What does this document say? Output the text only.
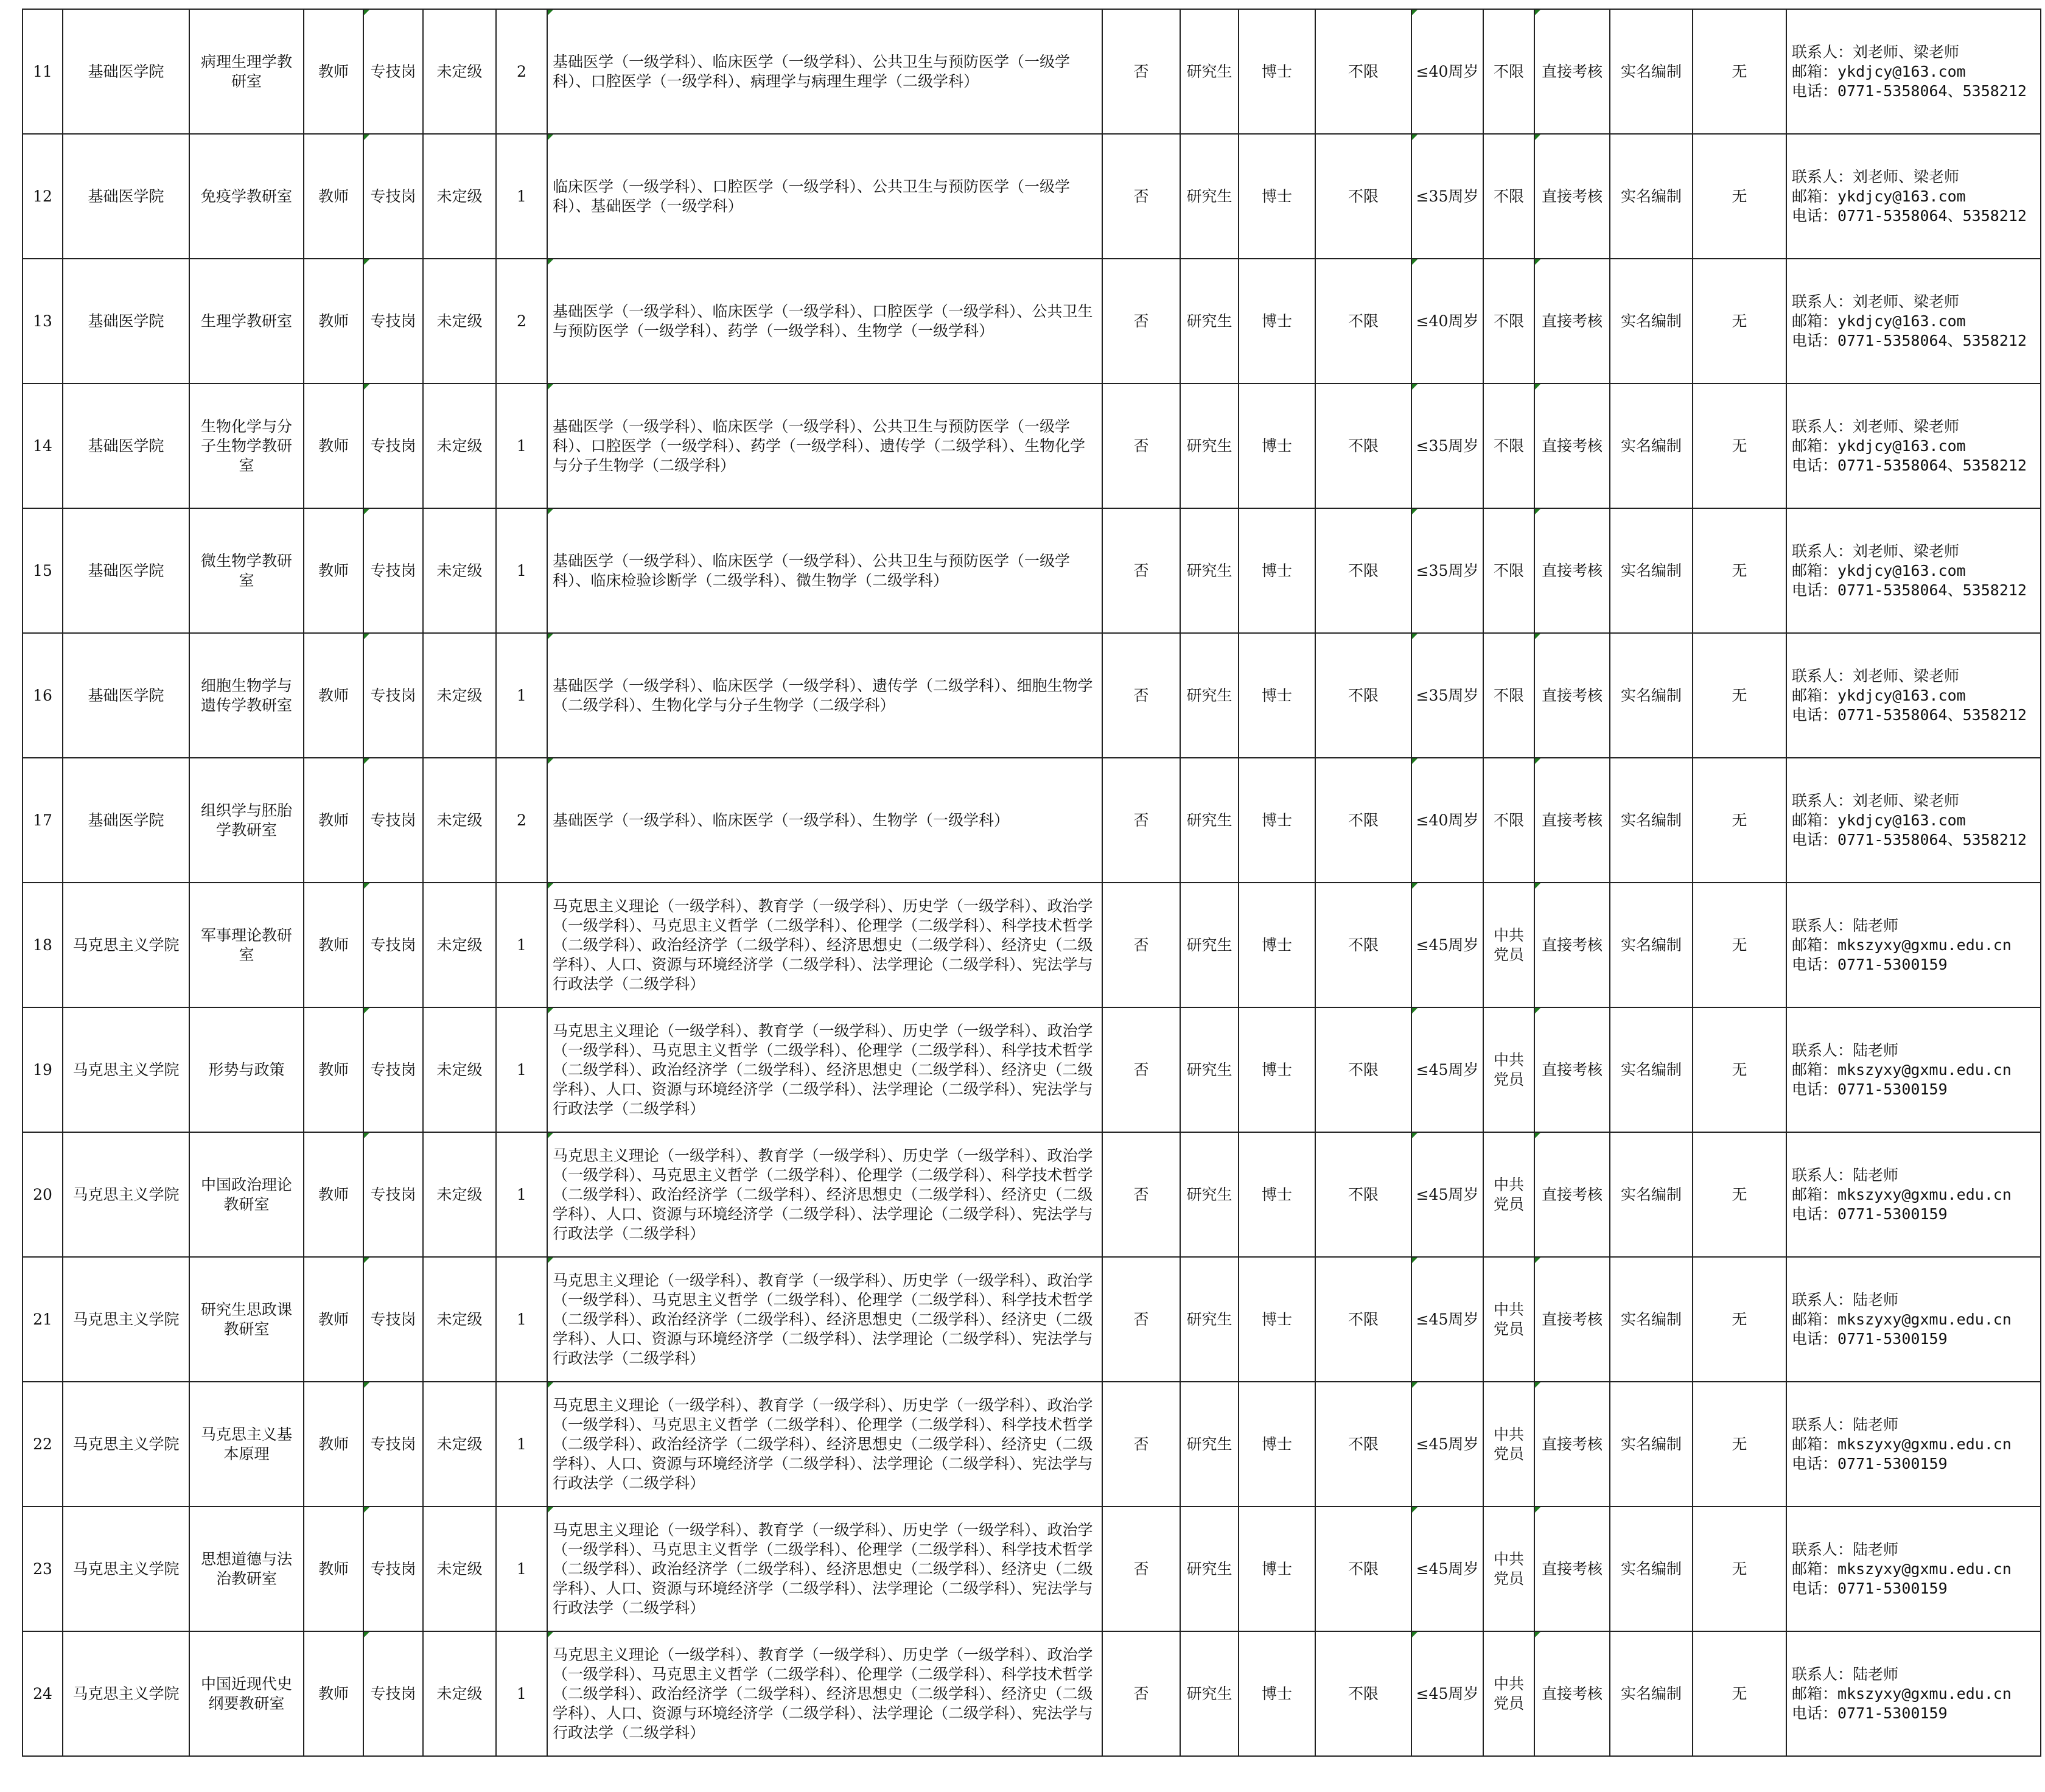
11	基础医学院	病理生理学教研室	教师	专技岗	未定级	2	基础医学（一级学科）、临床医学（一级学科）、公共卫生与预防医学（一级学科）、口腔医学（一级学科）、病理学与病理生理学（二级学科）	否	研究生	博士	不限	≤40周岁	不限	直接考核	实名编制	无	联系人：刘老师、梁老师
邮箱：ykdjcy@163.com
电话：0771-5358064、5358212

12	基础医学院	免疫学教研室	教师	专技岗	未定级	1	临床医学（一级学科）、口腔医学（一级学科）、公共卫生与预防医学（一级学科）、基础医学（一级学科）	否	研究生	博士	不限	≤35周岁	不限	直接考核	实名编制	无	联系人：刘老师、梁老师
邮箱：ykdjcy@163.com
电话：0771-5358064、5358212

13	基础医学院	生理学教研室	教师	专技岗	未定级	2	基础医学（一级学科）、临床医学（一级学科）、口腔医学（一级学科）、公共卫生与预防医学（一级学科）、药学（一级学科）、生物学（一级学科）	否	研究生	博士	不限	≤40周岁	不限	直接考核	实名编制	无	联系人：刘老师、梁老师
邮箱：ykdjcy@163.com
电话：0771-5358064、5358212

14	基础医学院	生物化学与分子生物学教研室	教师	专技岗	未定级	1	基础医学（一级学科）、临床医学（一级学科）、公共卫生与预防医学（一级学科）、口腔医学（一级学科）、药学（一级学科）、遗传学（二级学科）、生物化学与分子生物学（二级学科）	否	研究生	博士	不限	≤35周岁	不限	直接考核	实名编制	无	联系人：刘老师、梁老师
邮箱：ykdjcy@163.com
电话：0771-5358064、5358212

15	基础医学院	微生物学教研室	教师	专技岗	未定级	1	基础医学（一级学科）、临床医学（一级学科）、公共卫生与预防医学（一级学科）、临床检验诊断学（二级学科）、微生物学（二级学科）	否	研究生	博士	不限	≤35周岁	不限	直接考核	实名编制	无	联系人：刘老师、梁老师
邮箱：ykdjcy@163.com
电话：0771-5358064、5358212

16	基础医学院	细胞生物学与遗传学教研室	教师	专技岗	未定级	1	基础医学（一级学科）、临床医学（一级学科）、遗传学（二级学科）、细胞生物学（二级学科）、生物化学与分子生物学（二级学科）	否	研究生	博士	不限	≤35周岁	不限	直接考核	实名编制	无	联系人：刘老师、梁老师
邮箱：ykdjcy@163.com
电话：0771-5358064、5358212

17	基础医学院	组织学与胚胎学教研室	教师	专技岗	未定级	2	基础医学（一级学科）、临床医学（一级学科）、生物学（一级学科）	否	研究生	博士	不限	≤40周岁	不限	直接考核	实名编制	无	联系人：刘老师、梁老师
邮箱：ykdjcy@163.com
电话：0771-5358064、5358212

18	马克思主义学院	军事理论教研室	教师	专技岗	未定级	1	马克思主义理论（一级学科）、教育学（一级学科）、历史学（一级学科）、政治学（一级学科）、马克思主义哲学（二级学科）、伦理学（二级学科）、科学技术哲学（二级学科）、政治经济学（二级学科）、经济思想史（二级学科）、经济史（二级学科）、人口、资源与环境经济学（二级学科）、法学理论（二级学科）、宪法学与行政法学（二级学科）	否	研究生	博士	不限	≤45周岁	中共
党员	直接考核	实名编制	无	联系人：陆老师
邮箱：mkszyxy@gxmu.edu.cn
电话：0771-5300159

19	马克思主义学院	形势与政策	教师	专技岗	未定级	1	马克思主义理论（一级学科）、教育学（一级学科）、历史学（一级学科）、政治学（一级学科）、马克思主义哲学（二级学科）、伦理学（二级学科）、科学技术哲学（二级学科）、政治经济学（二级学科）、经济思想史（二级学科）、经济史（二级学科）、人口、资源与环境经济学（二级学科）、法学理论（二级学科）、宪法学与行政法学（二级学科）	否	研究生	博士	不限	≤45周岁	中共
党员	直接考核	实名编制	无	联系人：陆老师
邮箱：mkszyxy@gxmu.edu.cn
电话：0771-5300159

20	马克思主义学院	中国政治理论教研室	教师	专技岗	未定级	1	马克思主义理论（一级学科）、教育学（一级学科）、历史学（一级学科）、政治学（一级学科）、马克思主义哲学（二级学科）、伦理学（二级学科）、科学技术哲学（二级学科）、政治经济学（二级学科）、经济思想史（二级学科）、经济史（二级学科）、人口、资源与环境经济学（二级学科）、法学理论（二级学科）、宪法学与行政法学（二级学科）	否	研究生	博士	不限	≤45周岁	中共
党员	直接考核	实名编制	无	联系人：陆老师
邮箱：mkszyxy@gxmu.edu.cn
电话：0771-5300159

21	马克思主义学院	研究生思政课教研室	教师	专技岗	未定级	1	马克思主义理论（一级学科）、教育学（一级学科）、历史学（一级学科）、政治学（一级学科）、马克思主义哲学（二级学科）、伦理学（二级学科）、科学技术哲学（二级学科）、政治经济学（二级学科）、经济思想史（二级学科）、经济史（二级学科）、人口、资源与环境经济学（二级学科）、法学理论（二级学科）、宪法学与行政法学（二级学科）	否	研究生	博士	不限	≤45周岁	中共
党员	直接考核	实名编制	无	联系人：陆老师
邮箱：mkszyxy@gxmu.edu.cn
电话：0771-5300159

22	马克思主义学院	马克思主义基本原理	教师	专技岗	未定级	1	马克思主义理论（一级学科）、教育学（一级学科）、历史学（一级学科）、政治学（一级学科）、马克思主义哲学（二级学科）、伦理学（二级学科）、科学技术哲学（二级学科）、政治经济学（二级学科）、经济思想史（二级学科）、经济史（二级学科）、人口、资源与环境经济学（二级学科）、法学理论（二级学科）、宪法学与行政法学（二级学科）	否	研究生	博士	不限	≤45周岁	中共
党员	直接考核	实名编制	无	联系人：陆老师
邮箱：mkszyxy@gxmu.edu.cn
电话：0771-5300159

23	马克思主义学院	思想道德与法治教研室	教师	专技岗	未定级	1	马克思主义理论（一级学科）、教育学（一级学科）、历史学（一级学科）、政治学（一级学科）、马克思主义哲学（二级学科）、伦理学（二级学科）、科学技术哲学（二级学科）、政治经济学（二级学科）、经济思想史（二级学科）、经济史（二级学科）、人口、资源与环境经济学（二级学科）、法学理论（二级学科）、宪法学与行政法学（二级学科）	否	研究生	博士	不限	≤45周岁	中共
党员	直接考核	实名编制	无	联系人：陆老师
邮箱：mkszyxy@gxmu.edu.cn
电话：0771-5300159

24	马克思主义学院	中国近现代史纲要教研室	教师	专技岗	未定级	1	马克思主义理论（一级学科）、教育学（一级学科）、历史学（一级学科）、政治学（一级学科）、马克思主义哲学（二级学科）、伦理学（二级学科）、科学技术哲学（二级学科）、政治经济学（二级学科）、经济思想史（二级学科）、经济史（二级学科）、人口、资源与环境经济学（二级学科）、法学理论（二级学科）、宪法学与行政法学（二级学科）	否	研究生	博士	不限	≤45周岁	中共
党员	直接考核	实名编制	无	联系人：陆老师
邮箱：mkszyxy@gxmu.edu.cn
电话：0771-5300159
